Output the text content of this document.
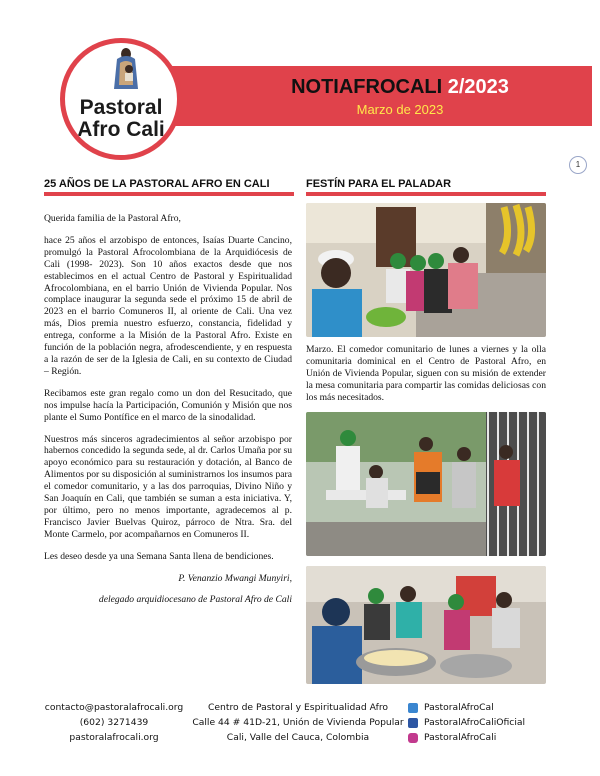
Pastoral
Afro Cali
NOTIAFROCALI 2/2023
Marzo de 2023
1
25 AÑOS DE LA PASTORAL AFRO EN CALI

Querida familia de la Pastoral Afro,

hace 25 años el arzobispo de entonces, Isaías Duarte Cancino, promulgó la Pastoral Afrocolombiana de la Arquidiócesis de Cali (1998- 2023). Son 10 años exactos desde que nos establecimos en el actual Centro de Pastoral y Espiritualidad Afrocolombiana, en el barrio Unión de Vivienda Popular. Nos complace inaugurar la segunda sede el próximo 15 de abril de 2023 en el barrio Comuneros II, al oriente de Cali. Una vez más, Dios premia nuestro esfuerzo, constancia, fidelidad y entrega, conforme a la Misión de la Pastoral Afro. Existe en función de la población negra, afrodescendiente, y en respuesta a la razón de ser de la Iglesia de Cali, en su contexto de Ciudad – Región.

Recibamos este gran regalo como un don del Resucitado, que nos impulse hacía la Participación, Comunión y Misión que nos plante el Sumo Pontífice en el marco de la sinodalidad.

Nuestros más sinceros agradecimientos al señor arzobispo por habernos concedido la segunda sede, al dr. Carlos Umaña por su apoyo económico para su restauración y dotación, al Banco de Alimentos por su disposición al suministrarnos los insumos para el comedor comunitario, y a las dos parroquias, Divino Niño y San Joaquín en Cali, que también se suman a esta iniciativa. Y, por último, pero no menos importante, agradecemos al p. Francisco Javier Buelvas Quiroz, párroco de Ntra. Sra. del Monte Carmelo, por acompañarnos en Comuneros II.

Les deseo desde ya una Semana Santa llena de bendiciones.

P. Venanzio Mwangi Munyiri,

delegado arquidiocesano de Pastoral Afro de Cali

FESTÍN PARA EL PALADAR
Marzo. El comedor comunitario de lunes a viernes y la olla comunitaria dominical en el Centro de Pastoral Afro, en Unión de Vivienda Popular, siguen con su misión de extender la mesa comunitaria para compartir las comidas deliciosas con los más necesitados.
contacto@pastoralafrocali.org
(602) 3271439
pastoralafrocali.org
Centro de Pastoral y Espiritualidad Afro
Calle 44 # 41D-21, Unión de Vivienda Popular
Cali, Valle del Cauca, Colombia
PastoralAfroCal
PastoralAfroCaliOficial
PastoralAfroCali
